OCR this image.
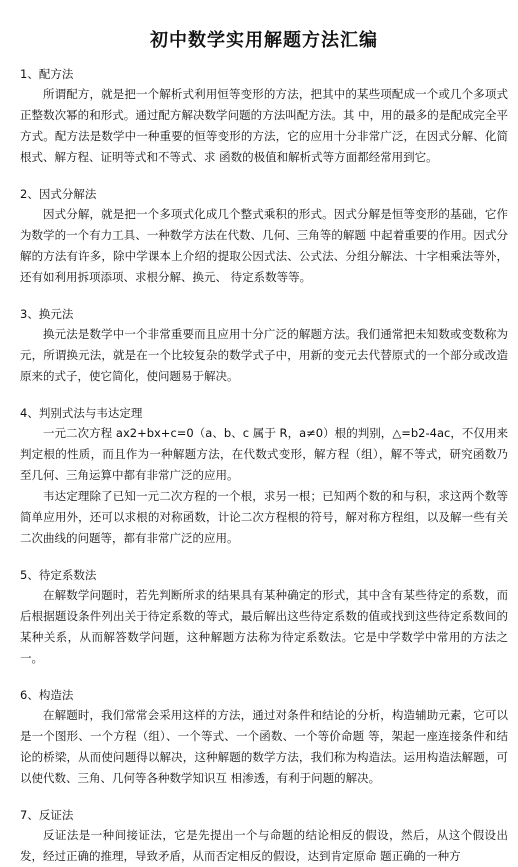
初中数学实用解题方法汇编
1、配方法

所谓配方，就是把一个解析式利用恒等变形的方法，把其中的某些项配成一个或几个多项式正整数次幂的和形式。通过配方解决数学问题的方法叫配方法。其 中，用的最多的是配成完全平方式。配方法是数学中一种重要的恒等变形的方法，它的应用十分非常广泛，在因式分解、化简根式、解方程、证明等式和不等式、求 函数的极值和解析式等方面都经常用到它。

2、因式分解法

因式分解，就是把一个多项式化成几个整式乘积的形式。因式分解是恒等变形的基础，它作为数学的一个有力工具、一种数学方法在代数、几何、三角等的解题 中起着重要的作用。因式分解的方法有许多，除中学课本上介绍的提取公因式法、公式法、分组分解法、十字相乘法等外，还有如利用拆项添项、求根分解、换元、 待定系数等等。

3、换元法

换元法是数学中一个非常重要而且应用十分广泛的解题方法。我们通常把未知数或变数称为元，所谓换元法，就是在一个比较复杂的数学式子中，用新的变元去代替原式的一个部分或改造原来的式子，使它简化，使问题易于解决。

4、判别式法与韦达定理

一元二次方程 ax2+bx+c=0（a、b、c 属于 R，a≠0）根的判别，△=b2-4ac，不仅用来判定根的性质，而且作为一种解题方法，在代数式变形，解方程（组），解不等式，研究函数乃至几何、三角运算中都有非常广泛的应用。

韦达定理除了已知一元二次方程的一个根，求另一根；已知两个数的和与积，求这两个数等简单应用外，还可以求根的对称函数，计论二次方程根的符号，解对称方程组，以及解一些有关二次曲线的问题等，都有非常广泛的应用。

5、待定系数法

在解数学问题时，若先判断所求的结果具有某种确定的形式，其中含有某些待定的系数，而后根据题设条件列出关于待定系数的等式，最后解出这些待定系数的值或找到这些待定系数间的某种关系，从而解答数学问题，这种解题方法称为待定系数法。它是中学数学中常用的方法之一。

6、构造法

在解题时，我们常常会采用这样的方法，通过对条件和结论的分析，构造辅助元素，它可以是一个图形、一个方程（组）、一个等式、一个函数、一个等价命题 等，架起一座连接条件和结论的桥梁，从而使问题得以解决，这种解题的数学方法，我们称为构造法。运用构造法解题，可以使代数、三角、几何等各种数学知识互 相渗透，有利于问题的解决。

7、反证法

反证法是一种间接证法，它是先提出一个与命题的结论相反的假设，然后，从这个假设出发，经过正确的推理，导致矛盾，从而否定相反的假设，达到肯定原命 题正确的一种方
